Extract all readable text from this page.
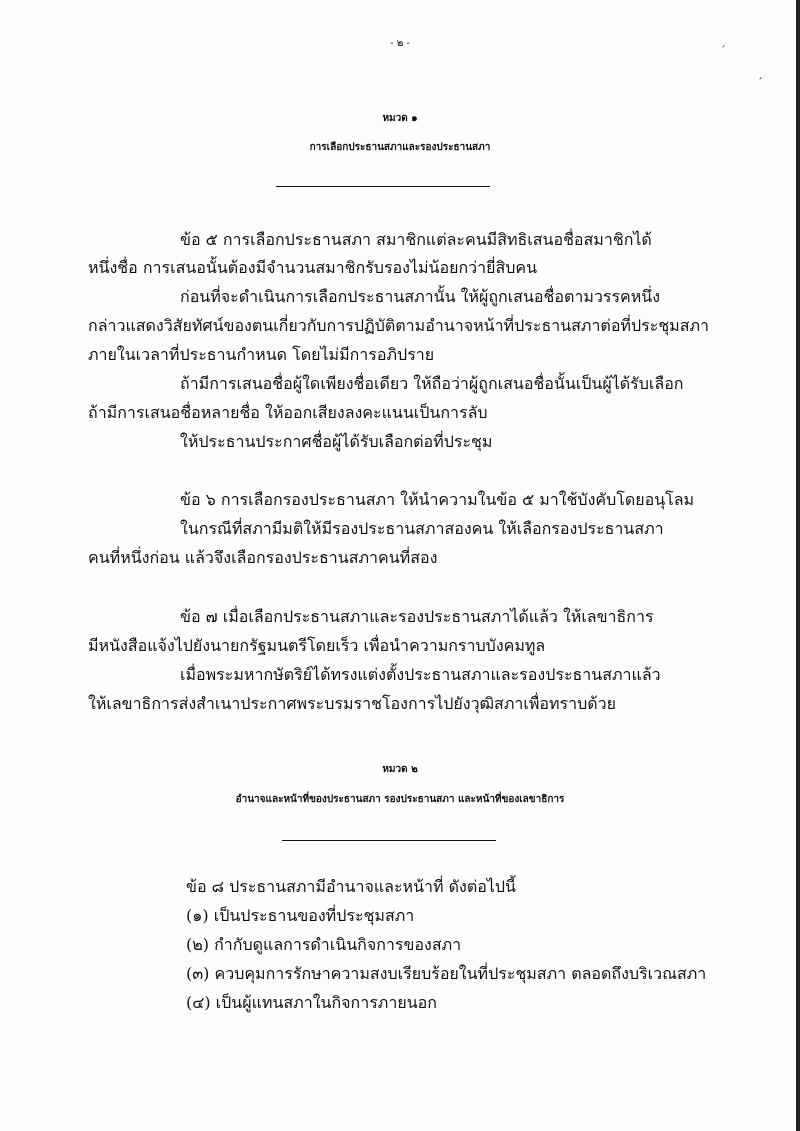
ˊ
ˊ
- ๒ -
หมวด ๑
การเลือกประธานสภาและรองประธานสภา
ข้อ ๕ การเลือกประธานสภา สมาชิกแต่ละคนมีสิทธิเสนอชื่อสมาชิกได้
หนึ่งชื่อ การเสนอนั้นต้องมีจำนวนสมาชิกรับรองไม่น้อยกว่ายี่สิบคน
ก่อนที่จะดำเนินการเลือกประธานสภานั้น ให้ผู้ถูกเสนอชื่อตามวรรคหนึ่ง
กล่าวแสดงวิสัยทัศน์ของตนเกี่ยวกับการปฏิบัติตามอำนาจหน้าที่ประธานสภาต่อที่ประชุมสภา
ภายในเวลาที่ประธานกำหนด โดยไม่มีการอภิปราย
ถ้ามีการเสนอชื่อผู้ใดเพียงชื่อเดียว ให้ถือว่าผู้ถูกเสนอชื่อนั้นเป็นผู้ได้รับเลือก
ถ้ามีการเสนอชื่อหลายชื่อ ให้ออกเสียงลงคะแนนเป็นการลับ
ให้ประธานประกาศชื่อผู้ได้รับเลือกต่อที่ประชุม
ข้อ ๖ การเลือกรองประธานสภา ให้นำความในข้อ ๕ มาใช้บังคับโดยอนุโลม
ในกรณีที่สภามีมติให้มีรองประธานสภาสองคน ให้เลือกรองประธานสภา
คนที่หนึ่งก่อน แล้วจึงเลือกรองประธานสภาคนที่สอง
ข้อ ๗ เมื่อเลือกประธานสภาและรองประธานสภาได้แล้ว ให้เลขาธิการ
มีหนังสือแจ้งไปยังนายกรัฐมนตรีโดยเร็ว เพื่อนำความกราบบังคมทูล
เมื่อพระมหากษัตริย์ได้ทรงแต่งตั้งประธานสภาและรองประธานสภาแล้ว
ให้เลขาธิการส่งสำเนาประกาศพระบรมราชโองการไปยังวุฒิสภาเพื่อทราบด้วย
หมวด ๒
อำนาจและหน้าที่ของประธานสภา รองประธานสภา และหน้าที่ของเลขาธิการ
ข้อ ๘ ประธานสภามีอำนาจและหน้าที่ ดังต่อไปนี้
(๑) เป็นประธานของที่ประชุมสภา
(๒) กำกับดูแลการดำเนินกิจการของสภา
(๓) ควบคุมการรักษาความสงบเรียบร้อยในที่ประชุมสภา ตลอดถึงบริเวณสภา
(๔) เป็นผู้แทนสภาในกิจการภายนอก
